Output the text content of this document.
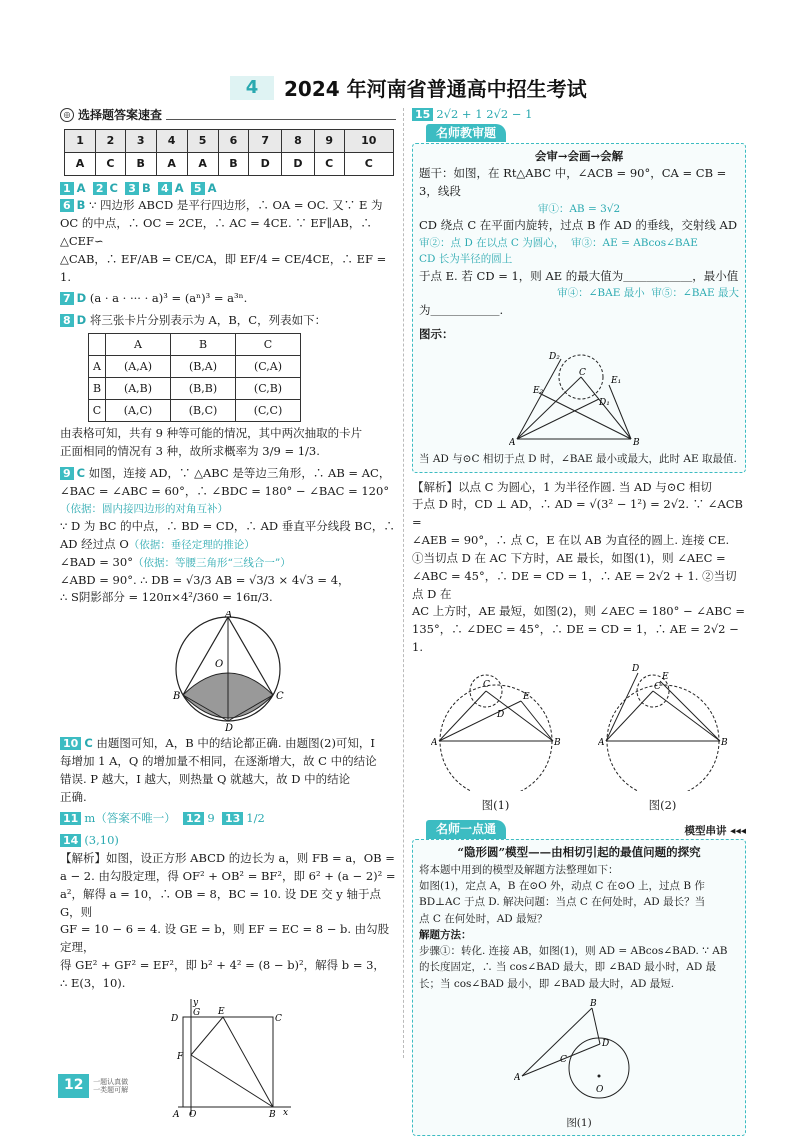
4	2024 年河南省普通高中招生考试
◎ 选择题答案速查
1	2	3	4	5	6	7	8	9	10
A	C	B	A	A	B	D	D	C	C

1 A 2 C 3 B 4 A 5 A

6 B ∵ 四边形 ABCD 是平行四边形，∴ OA = OC. 又∵ E 为

OC 的中点，∴ OC = 2CE，∴ AC = 4CE. ∵ EF∥AB，∴ △CEF∽

△CAB，∴ EF/AB = CE/CA，即 EF/4 = CE/4CE，∴ EF = 1.

7 D (a · a · ··· · a)³ = (aⁿ)³ = a³ⁿ.

8 D 将三张卡片分别表示为 A，B，C，列表如下：

	A	B	C
A	(A,A)	(B,A)	(C,A)
B	(A,B)	(B,B)	(C,B)
C	(A,C)	(B,C)	(C,C)

由表格可知，共有 9 种等可能的情况，其中两次抽取的卡片

正面相同的情况有 3 种，故所求概率为 3/9 = 1/3.

9 C 如图，连接 AD，∵ △ABC 是等边三角形，∴ AB = AC，

∠BAC = ∠ABC = 60°，∴ ∠BDC = 180° − ∠BAC = 120° （依据：圆内接四边形的对角互补）

∵ D 为 BC 的中点，∴ BD = CD，∴ AD 垂直平分线段 BC，∴ AD 经过点 O（依据：垂径定理的推论）

∠BAD = 30°（依据：等腰三角形“三线合一”）

∠ABD = 90°. ∴ DB = √3/3 AB = √3/3 × 4√3 = 4，

∴ S阴影部分 = 120π×4²/360 = 16π/3.

A
O
B	C
D

10 C 由题图可知，A，B 中的结论都正确. 由题图(2)可知，I

每增加 1 A，Q 的增加量不相同，在逐渐增大，故 C 中的结论

错误. P 越大，I 越大，则热量 Q 就越大，故 D 中的结论

正确.

11 m（答案不唯一） 12 9 13 1/2

14 (3,10)

【解析】如图，设正方形 ABCD 的边长为 a，则 FB = a，OB =

a − 2. 由勾股定理，得 OF² + OB² = BF²，即 6² + (a − 2)² =

a²，解得 a = 10，∴ OB = 8，BC = 10. 设 DE 交 y 轴于点 G，则

GF = 10 − 6 = 4. 设 GE = b，则 EF = EC = 8 − b. 由勾股定理，

得 GE² + GF² = EF²，即 b² + 4² = (8 − b)²，解得 b = 3，

∴ E(3，10).

x
y
D
G E
C
F
A O	B

15 2√2 + 1 2√2 − 1

名师教审题

会审→会画→会解

题干：如图，在 Rt△ABC 中，∠ACB = 90°，CA = CB = 3，线段

审①：AB = 3√2

CD 绕点 C 在平面内旋转，过点 B 作 AD 的垂线，交射线 AD

审②：点 D 在以点 C 为圆心， 审③：AE = ABcos∠BAE

CD 长为半径的圆上

于点 E. 若 CD = 1，则 AE 的最大值为＿＿＿＿＿＿，最小值

审④：∠BAE 最小 审⑤：∠BAE 最大

为＿＿＿＿＿＿.

图示：

D₂
C
E₂
E₁
D₁
A	B

当 AD 与⊙C 相切于点 D 时，∠BAE 最小或最大，此时 AE 取最值.

【解析】以点 C 为圆心，1 为半径作圆. 当 AD 与⊙C 相切

于点 D 时，CD ⊥ AD，∴ AD = √(3² − 1²) = 2√2. ∵ ∠ACB =

∠AEB = 90°，∴ 点 C，E 在以 AB 为直径的圆上. 连接 CE.

①当切点 D 在 AC 下方时，AE 最长，如图(1)，则 ∠AEC =

∠ABC = 45°，∴ DE = CD = 1，∴ AE = 2√2 + 1. ②当切点 D 在

AC 上方时，AE 最短，如图(2)，则 ∠AEC = 180° − ∠ABC =

135°，∴ ∠DEC = 45°，∴ DE = CD = 1，∴ AE = 2√2 − 1.

C
E
D
A	B
图(1)
C
E
D
A	B
图(2)
名师一点通	模型串讲 ◂◂◂

“隐形圆”模型——由相切引起的最值问题的探究

将本题中用到的模型及解题方法整理如下：

如图(1)，定点 A，B 在⊙O 外，动点 C 在⊙O 上，过点 B 作

BD⊥AC 于点 D. 解决问题：当点 C 在何处时，AD 最长？当

点 C 在何处时，AD 最短？

解题方法：

步骤①：转化. 连接 AB，如图(1)，则 AD = ABcos∠BAD. ∵ AB

的长度固定，∴ 当 cos∠BAD 最大，即 ∠BAD 最小时，AD 最

长；当 cos∠BAD 最小，即 ∠BAD 最大时，AD 最短.

A
B
C
D
O

图(1)

12 一题认真做
一类题可解
